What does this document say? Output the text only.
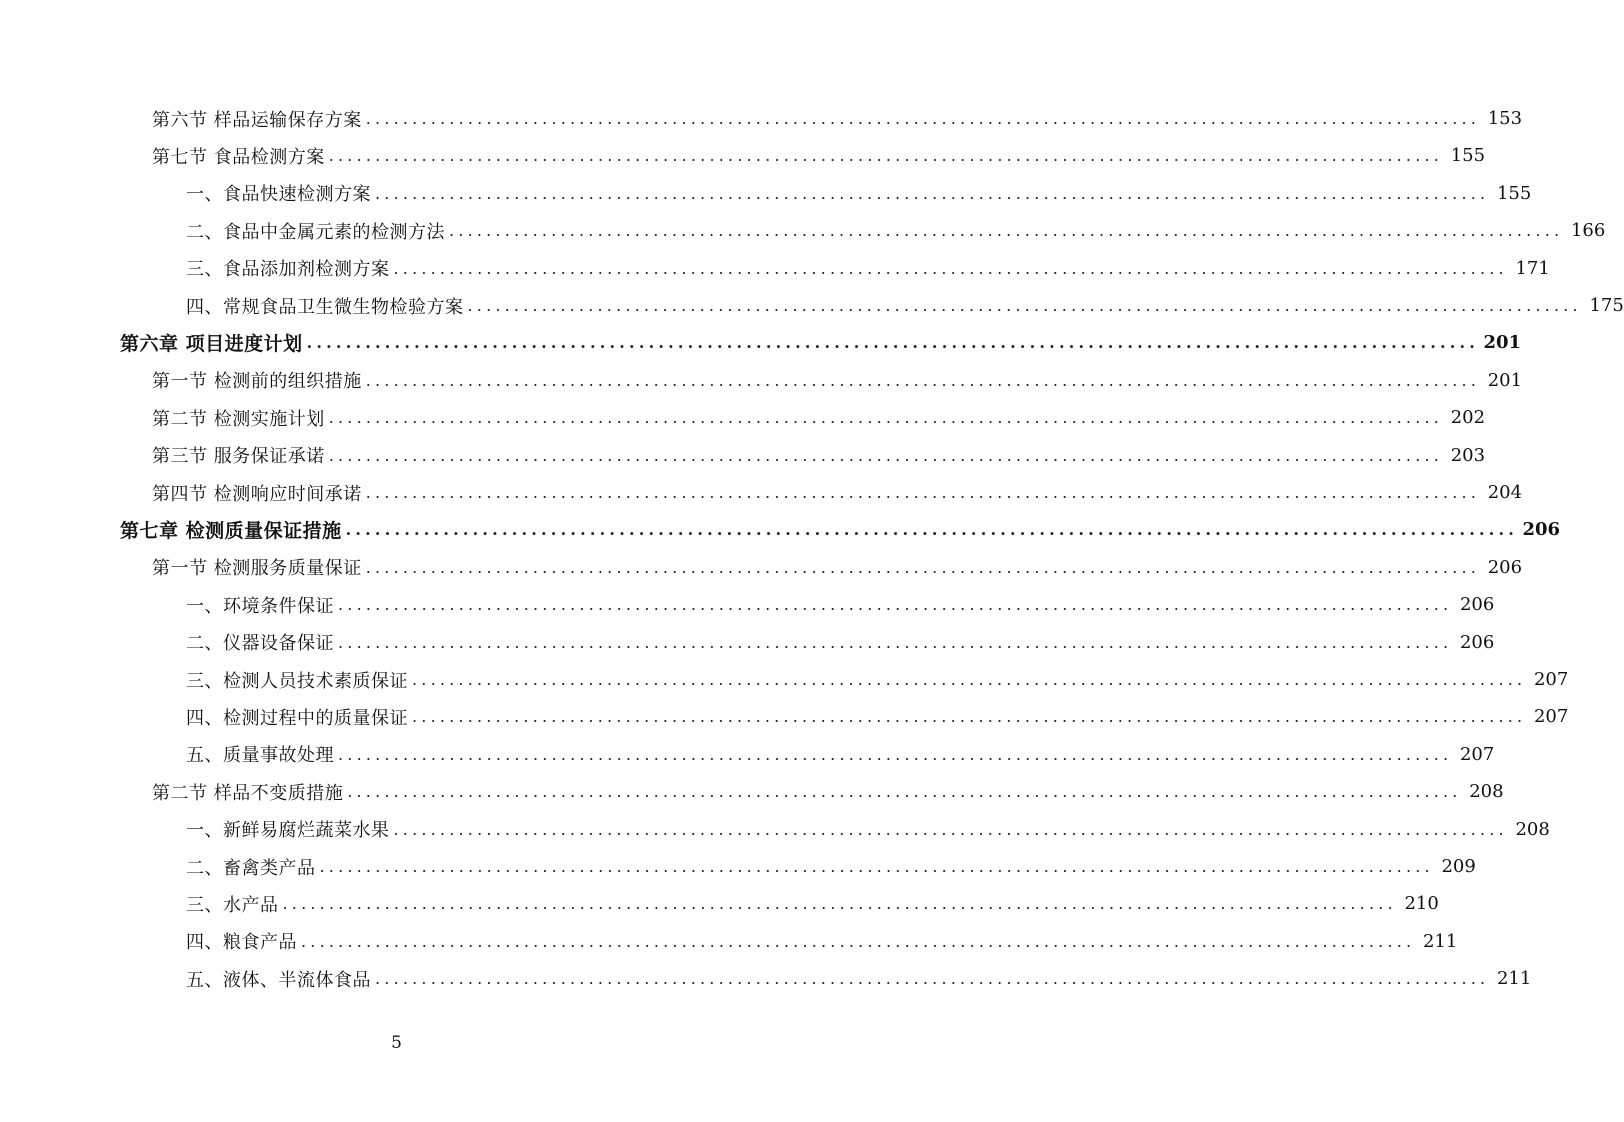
第六节 样品运输保存方案 ........................................................................................................................ 153
第七节 食品检测方案 ........................................................................................................................ 155
一、食品快速检测方案 ........................................................................................................................ 155
二、食品中金属元素的检测方法 ........................................................................................................................ 166
三、食品添加剂检测方案 ........................................................................................................................ 171
四、常规食品卫生微生物检验方案 ........................................................................................................................ 175
第六章 项目进度计划 ........................................................................................................................ 201
第一节 检测前的组织措施 ........................................................................................................................ 201
第二节 检测实施计划 ........................................................................................................................ 202
第三节 服务保证承诺 ........................................................................................................................ 203
第四节 检测响应时间承诺 ........................................................................................................................ 204
第七章 检测质量保证措施 ........................................................................................................................ 206
第一节 检测服务质量保证 ........................................................................................................................ 206
一、环境条件保证 ........................................................................................................................ 206
二、仪器设备保证 ........................................................................................................................ 206
三、检测人员技术素质保证 ........................................................................................................................ 207
四、检测过程中的质量保证 ........................................................................................................................ 207
五、质量事故处理 ........................................................................................................................ 207
第二节 样品不变质措施 ........................................................................................................................ 208
一、新鲜易腐烂蔬菜水果 ........................................................................................................................ 208
二、畜禽类产品 ........................................................................................................................ 209
三、水产品 ........................................................................................................................ 210
四、粮食产品 ........................................................................................................................ 211
五、液体、半流体食品 ........................................................................................................................ 211
5
